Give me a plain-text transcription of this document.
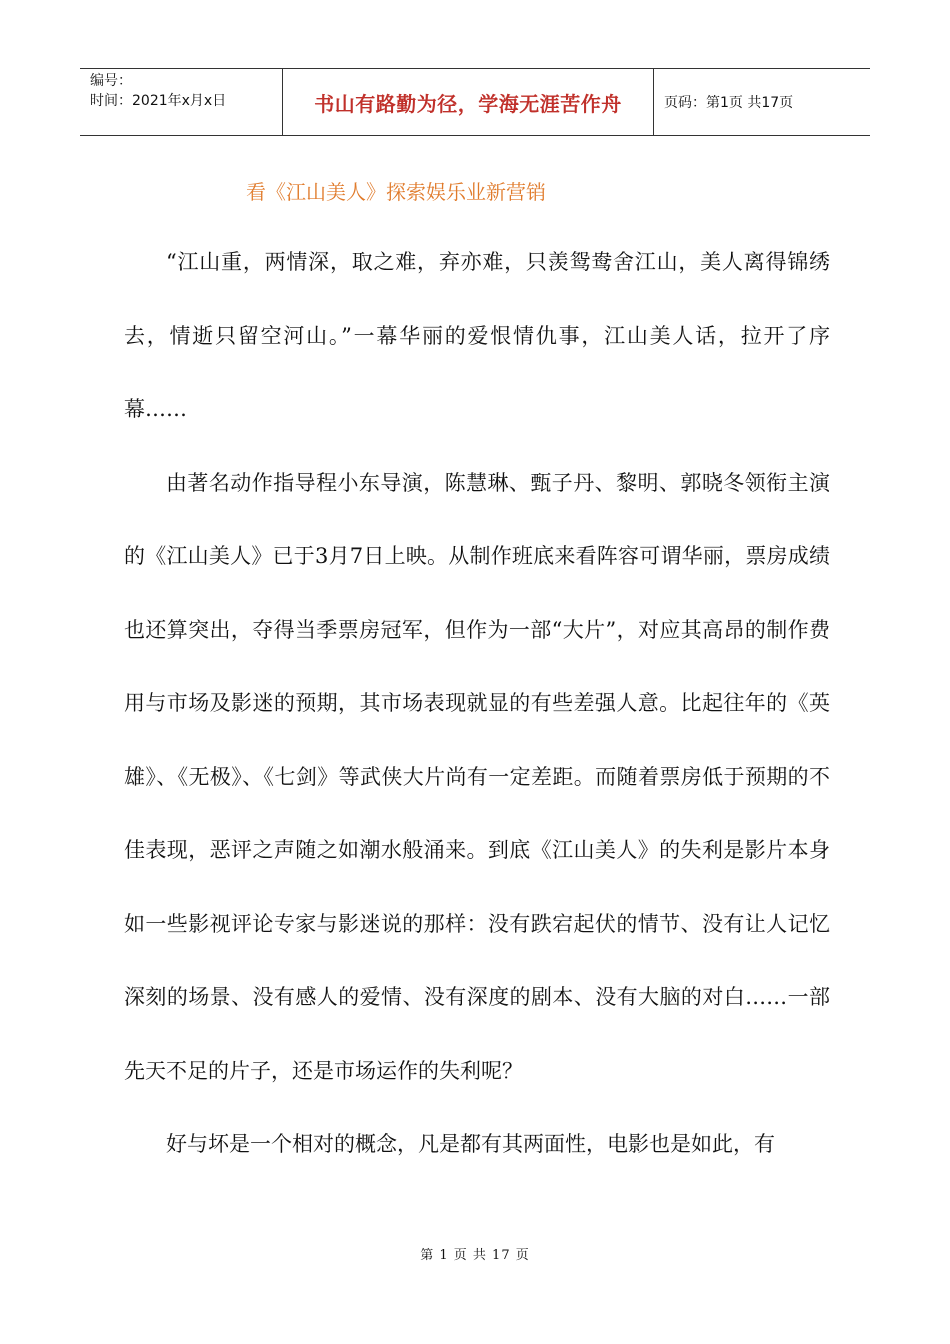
编号：
时间：2021年x月x日	书山有路勤为径，学海无涯苦作舟	页码：第1页 共17页
看《江山美人》探索娱乐业新营销

“江山重，两情深，取之难，弃亦难，只羡鸳鸯舍江山，美人离得锦绣去，情逝只留空河山。”一幕华丽的爱恨情仇事，江山美人话，拉开了序幕……

由著名动作指导程小东导演，陈慧琳、甄子丹、黎明、郭晓冬领衔主演的《江山美人》已于3月7日上映。从制作班底来看阵容可谓华丽，票房成绩也还算突出，夺得当季票房冠军，但作为一部“大片”，对应其高昂的制作费用与市场及影迷的预期，其市场表现就显的有些差强人意。比起往年的《英雄》、《无极》、《七剑》等武侠大片尚有一定差距。而随着票房低于预期的不佳表现，恶评之声随之如潮水般涌来。到底《江山美人》的失利是影片本身如一些影视评论专家与影迷说的那样：没有跌宕起伏的情节、没有让人记忆深刻的场景、没有感人的爱情、没有深度的剧本、没有大脑的对白……一部先天不足的片子，还是市场运作的失利呢？

好与坏是一个相对的概念，凡是都有其两面性，电影也是如此，有

第 1 页 共 17 页
